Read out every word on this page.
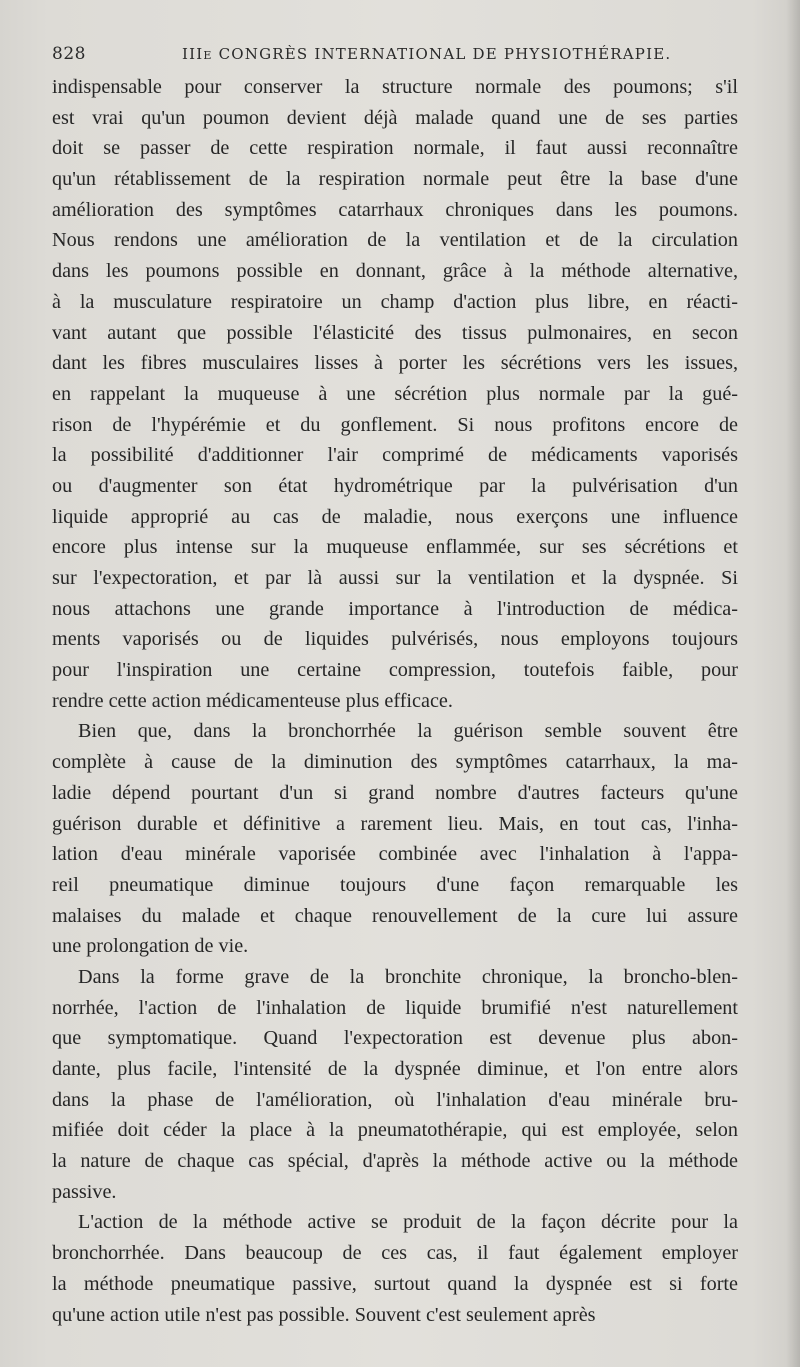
828	IIIe CONGRÈS INTERNATIONAL DE PHYSIOTHÉRAPIE.
indispensable pour conserver la structure normale des poumons; s'il
est vrai qu'un poumon devient déjà malade quand une de ses parties
doit se passer de cette respiration normale, il faut aussi reconnaître
qu'un rétablissement de la respiration normale peut être la base d'une
amélioration des symptômes catarrhaux chroniques dans les poumons.
Nous rendons une amélioration de la ventilation et de la circulation
dans les poumons possible en donnant, grâce à la méthode alternative,
à la musculature respiratoire un champ d'action plus libre, en réacti-
vant autant que possible l'élasticité des tissus pulmonaires, en secon
dant les fibres musculaires lisses à porter les sécrétions vers les issues,
en rappelant la muqueuse à une sécrétion plus normale par la gué-
rison de l'hypérémie et du gonflement. Si nous profitons encore de
la possibilité d'additionner l'air comprimé de médicaments vaporisés
ou d'augmenter son état hydrométrique par la pulvérisation d'un
liquide approprié au cas de maladie, nous exerçons une influence
encore plus intense sur la muqueuse enflammée, sur ses sécrétions et
sur l'expectoration, et par là aussi sur la ventilation et la dyspnée. Si
nous attachons une grande importance à l'introduction de médica-
ments vaporisés ou de liquides pulvérisés, nous employons toujours
pour l'inspiration une certaine compression, toutefois faible, pour
rendre cette action médicamenteuse plus efficace.
Bien que, dans la bronchorrhée la guérison semble souvent être
complète à cause de la diminution des symptômes catarrhaux, la ma-
ladie dépend pourtant d'un si grand nombre d'autres facteurs qu'une
guérison durable et définitive a rarement lieu. Mais, en tout cas, l'inha-
lation d'eau minérale vaporisée combinée avec l'inhalation à l'appa-
reil pneumatique diminue toujours d'une façon remarquable les
malaises du malade et chaque renouvellement de la cure lui assure
une prolongation de vie.
Dans la forme grave de la bronchite chronique, la broncho-blen-
norrhée, l'action de l'inhalation de liquide brumifié n'est naturellement
que symptomatique. Quand l'expectoration est devenue plus abon-
dante, plus facile, l'intensité de la dyspnée diminue, et l'on entre alors
dans la phase de l'amélioration, où l'inhalation d'eau minérale bru-
mifiée doit céder la place à la pneumatothérapie, qui est employée, selon
la nature de chaque cas spécial, d'après la méthode active ou la méthode
passive.
L'action de la méthode active se produit de la façon décrite pour la
bronchorrhée. Dans beaucoup de ces cas, il faut également employer
la méthode pneumatique passive, surtout quand la dyspnée est si forte
qu'une action utile n'est pas possible. Souvent c'est seulement après
